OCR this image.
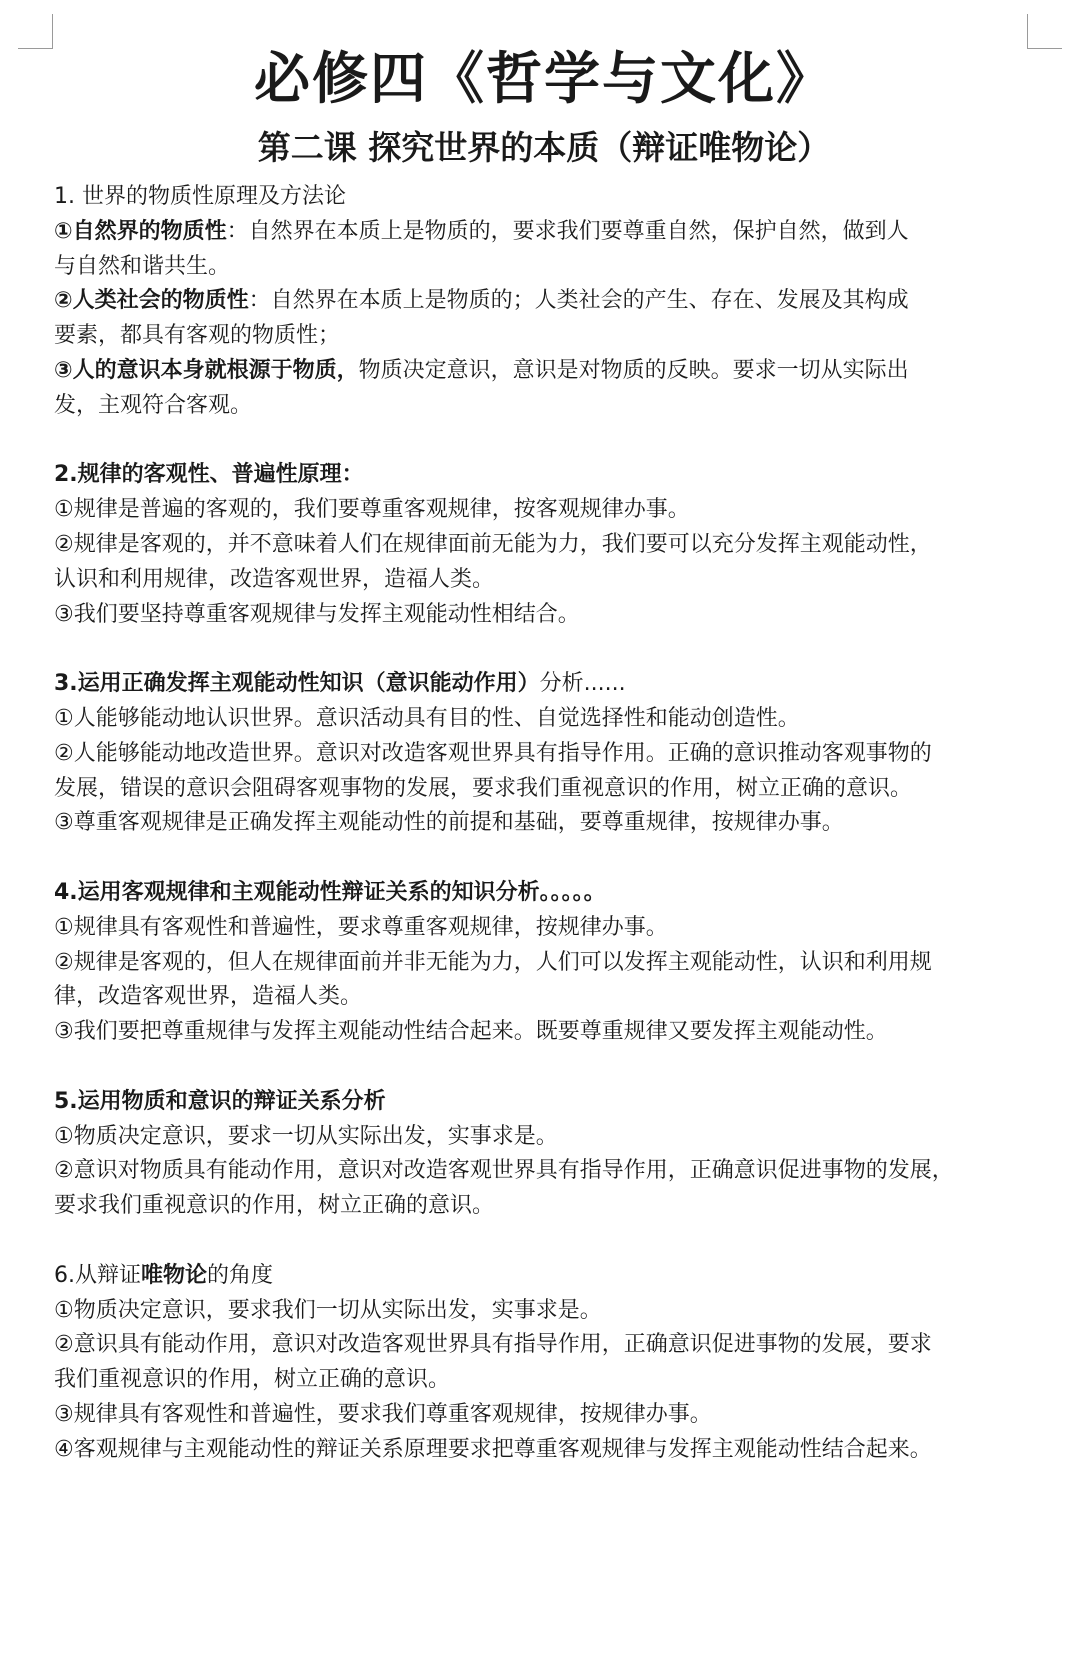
必修四《哲学与文化》
第二课 探究世界的本质（辩证唯物论）

1. 世界的物质性原理及方法论

①自然界的物质性：自然界在本质上是物质的，要求我们要尊重自然，保护自然，做到人

与自然和谐共生。

②人类社会的物质性：自然界在本质上是物质的；人类社会的产生、存在、发展及其构成

要素，都具有客观的物质性；

③人的意识本身就根源于物质，物质决定意识，意识是对物质的反映。要求一切从实际出

发，主观符合客观。

2.规律的客观性、普遍性原理：

①规律是普遍的客观的，我们要尊重客观规律，按客观规律办事。

②规律是客观的，并不意味着人们在规律面前无能为力，我们要可以充分发挥主观能动性，

认识和利用规律，改造客观世界，造福人类。

③我们要坚持尊重客观规律与发挥主观能动性相结合。

3.运用正确发挥主观能动性知识（意识能动作用）分析......

①人能够能动地认识世界。意识活动具有目的性、自觉选择性和能动创造性。

②人能够能动地改造世界。意识对改造客观世界具有指导作用。正确的意识推动客观事物的

发展，错误的意识会阻碍客观事物的发展，要求我们重视意识的作用，树立正确的意识。

③尊重客观规律是正确发挥主观能动性的前提和基础，要尊重规律，按规律办事。

4.运用客观规律和主观能动性辩证关系的知识分析。。。。。

①规律具有客观性和普遍性，要求尊重客观规律，按规律办事。

②规律是客观的，但人在规律面前并非无能为力，人们可以发挥主观能动性，认识和利用规

律，改造客观世界，造福人类。

③我们要把尊重规律与发挥主观能动性结合起来。既要尊重规律又要发挥主观能动性。

5.运用物质和意识的辩证关系分析

①物质决定意识，要求一切从实际出发，实事求是。

②意识对物质具有能动作用，意识对改造客观世界具有指导作用，正确意识促进事物的发展，

要求我们重视意识的作用，树立正确的意识。

6.从辩证唯物论的角度

①物质决定意识，要求我们一切从实际出发，实事求是。

②意识具有能动作用，意识对改造客观世界具有指导作用，正确意识促进事物的发展，要求

我们重视意识的作用，树立正确的意识。

③规律具有客观性和普遍性，要求我们尊重客观规律，按规律办事。

④客观规律与主观能动性的辩证关系原理要求把尊重客观规律与发挥主观能动性结合起来。
